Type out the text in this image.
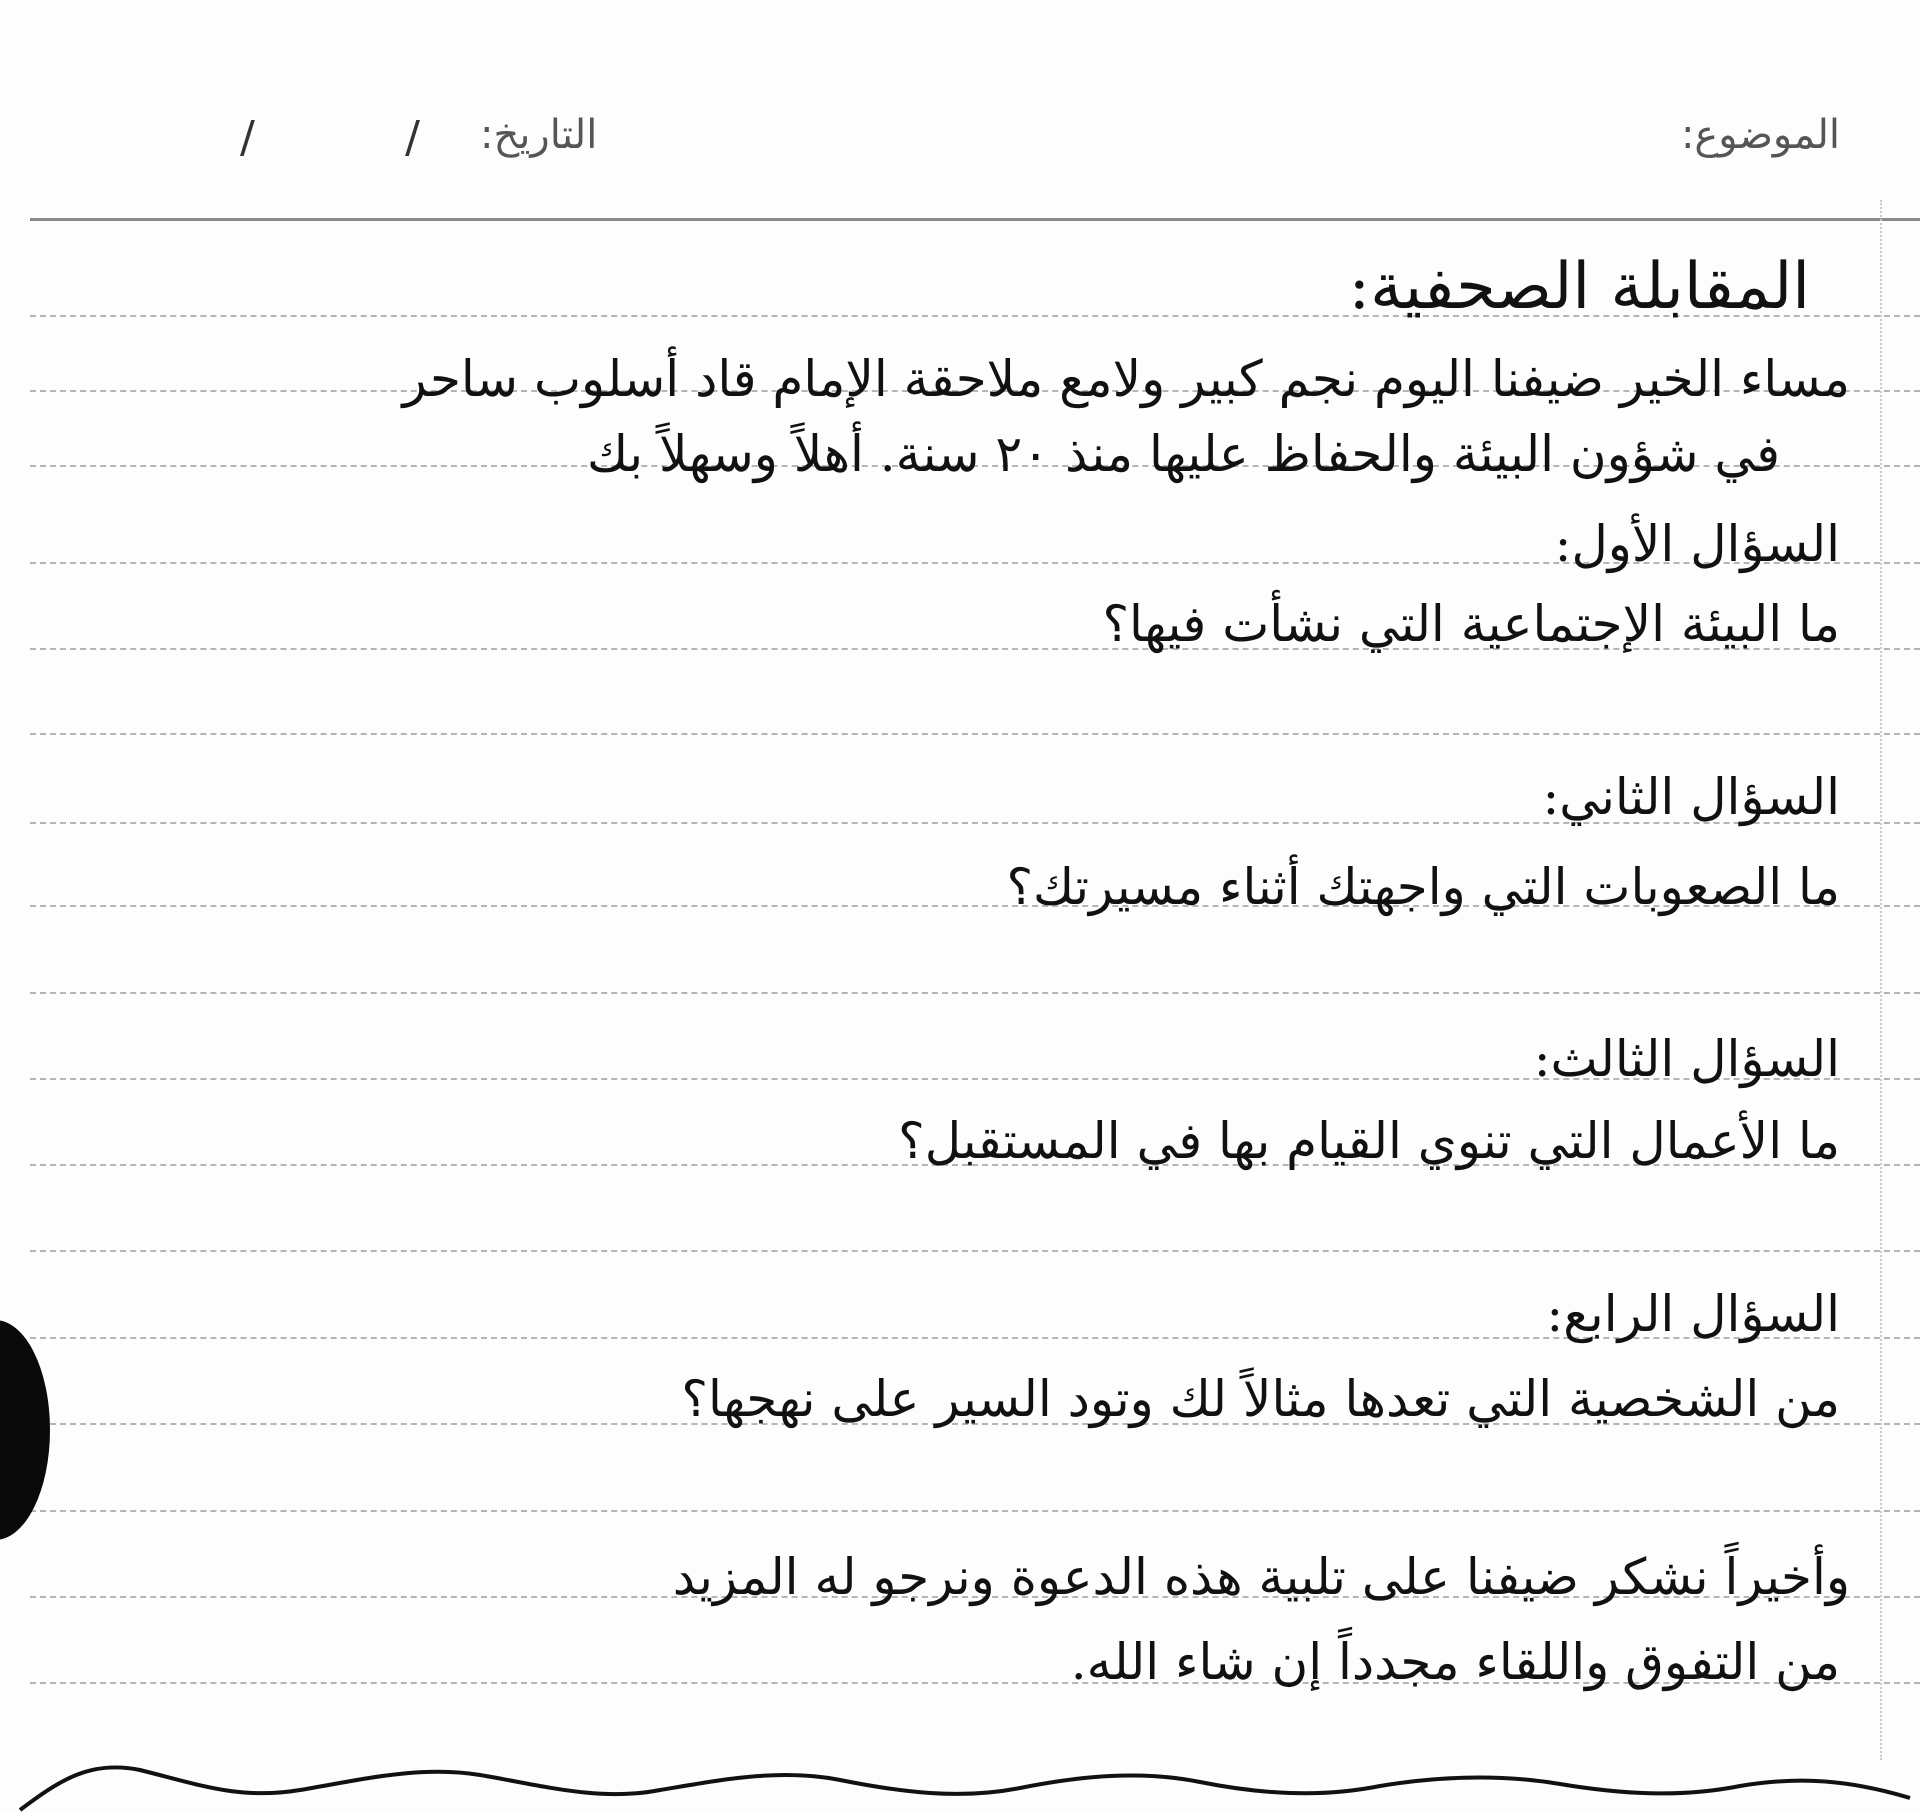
الموضوع:
التاريخ:
/	/
المقابلة الصحفية:
مساء الخير ضيفنا اليوم نجم كبير ولامع ملاحقة الإمام قاد أسلوب ساحر
في شؤون البيئة والحفاظ عليها منذ ٢٠ سنة. أهلاً وسهلاً بك
السؤال الأول:
ما البيئة الإجتماعية التي نشأت فيها؟
السؤال الثاني:
ما الصعوبات التي واجهتك أثناء مسيرتك؟
السؤال الثالث:
ما الأعمال التي تنوي القيام بها في المستقبل؟
السؤال الرابع:
من الشخصية التي تعدها مثالاً لك وتود السير على نهجها؟
وأخيراً نشكر ضيفنا على تلبية هذه الدعوة ونرجو له المزيد
من التفوق واللقاء مجدداً إن شاء الله.
